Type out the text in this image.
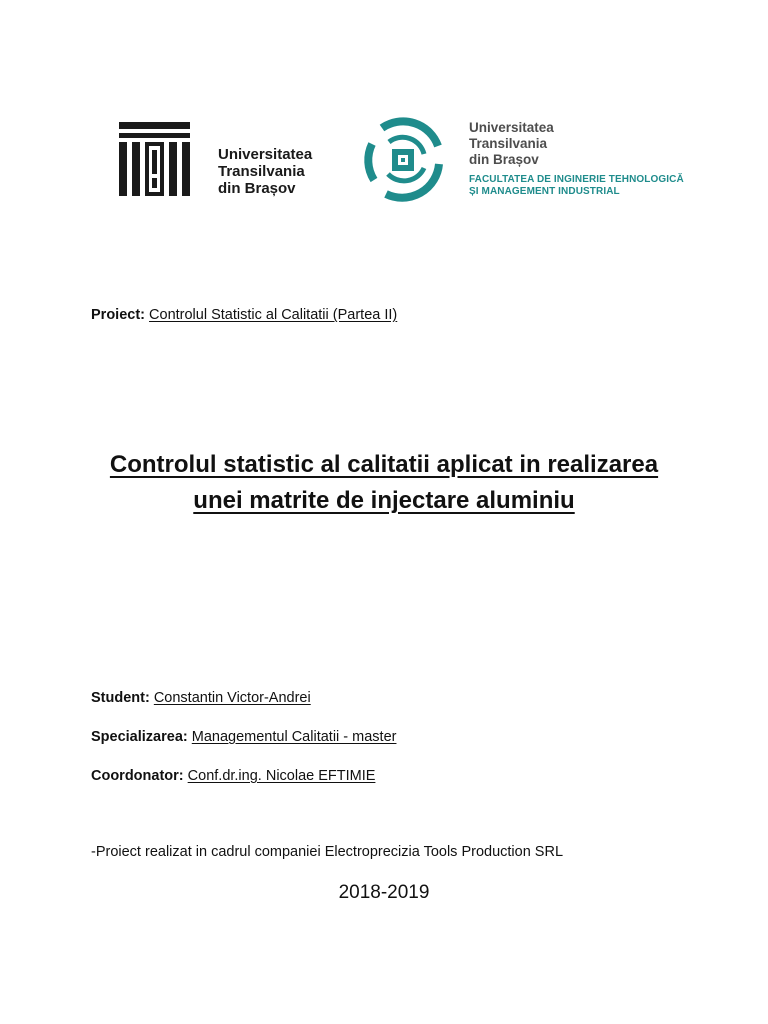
Universitatea
Transilvania
din Brașov
Universitatea
Transilvania
din Brașov
FACULTATEA DE INGINERIE TEHNOLOGICĂ
ȘI MANAGEMENT INDUSTRIAL
Proiect: Controlul Statistic al Calitatii (Partea II)
Controlul statistic al calitatii aplicat in realizarea
unei matrite de injectare aluminiu
Student: Constantin Victor-Andrei
Specializarea: Managementul Calitatii - master
Coordonator: Conf.dr.ing. Nicolae EFTIMIE
-Proiect realizat in cadrul companiei Electroprecizia Tools Production SRL
2018-2019
